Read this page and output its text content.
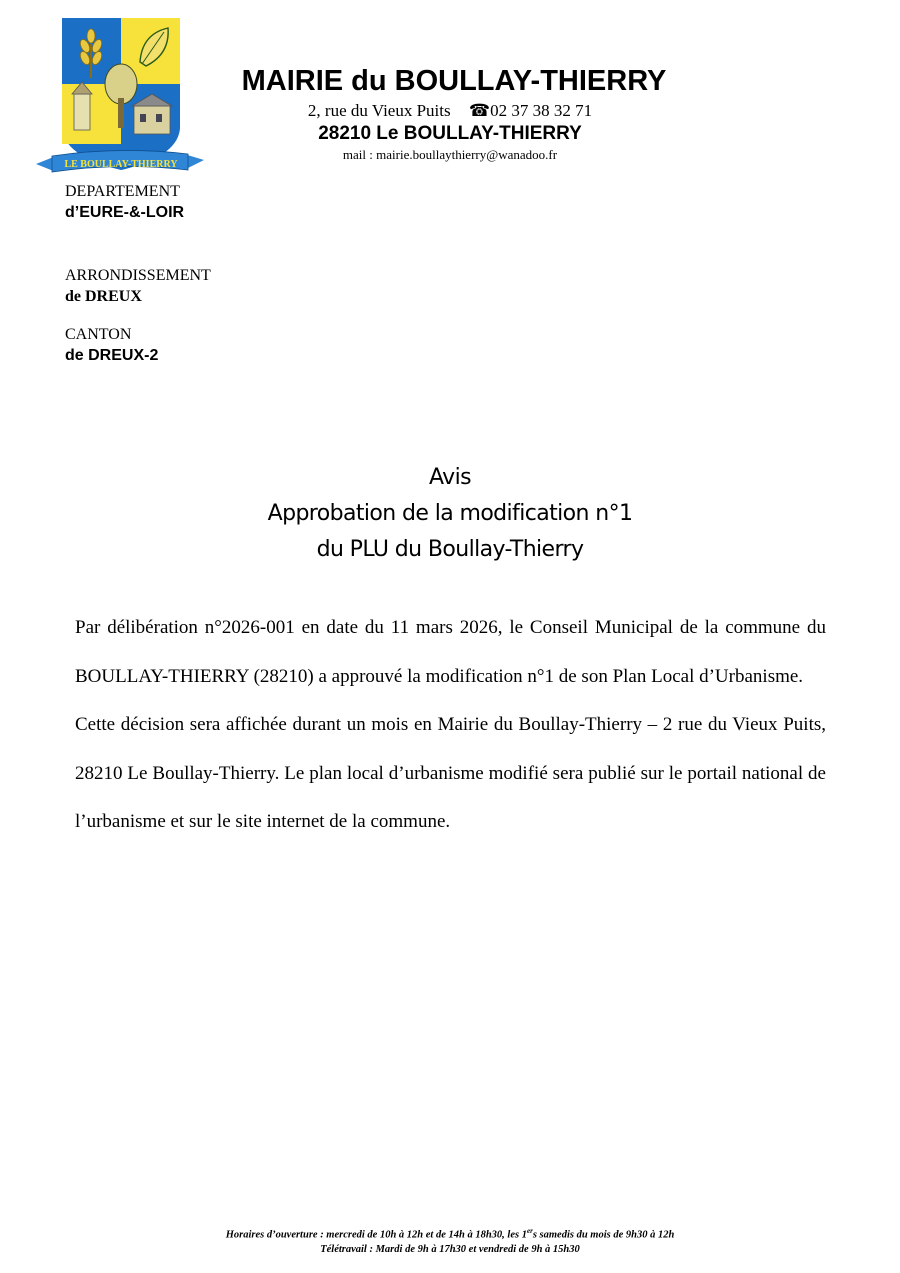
LE BOULLAY-THIERRY
MAIRIE du BOULLAY-THIERRY
2, rue du Vieux Puits ☎02 37 38 32 71
28210 Le BOULLAY-THIERRY
mail : mairie.boullaythierry@wanadoo.fr
DEPARTEMENT
d’EURE-&-LOIR
ARRONDISSEMENT
de DREUX
CANTON
de DREUX-2
Avis
Approbation de la modification n°1
du PLU du Boullay-Thierry

Par délibération n°2026-001 en date du 11 mars 2026, le Conseil Municipal de la commune du BOULLAY-THIERRY (28210) a approuvé la modification n°1 de son Plan Local d’Urbanisme.

Cette décision sera affichée durant un mois en Mairie du Boullay-Thierry – 2 rue du Vieux Puits, 28210 Le Boullay-Thierry. Le plan local d’urbanisme modifié sera publié sur le portail national de l’urbanisme et sur le site internet de la commune.

Horaires d’ouverture : mercredi de 10h à 12h et de 14h à 18h30, les 1ers samedis du mois de 9h30 à 12h
Télétravail : Mardi de 9h à 17h30 et vendredi de 9h à 15h30
